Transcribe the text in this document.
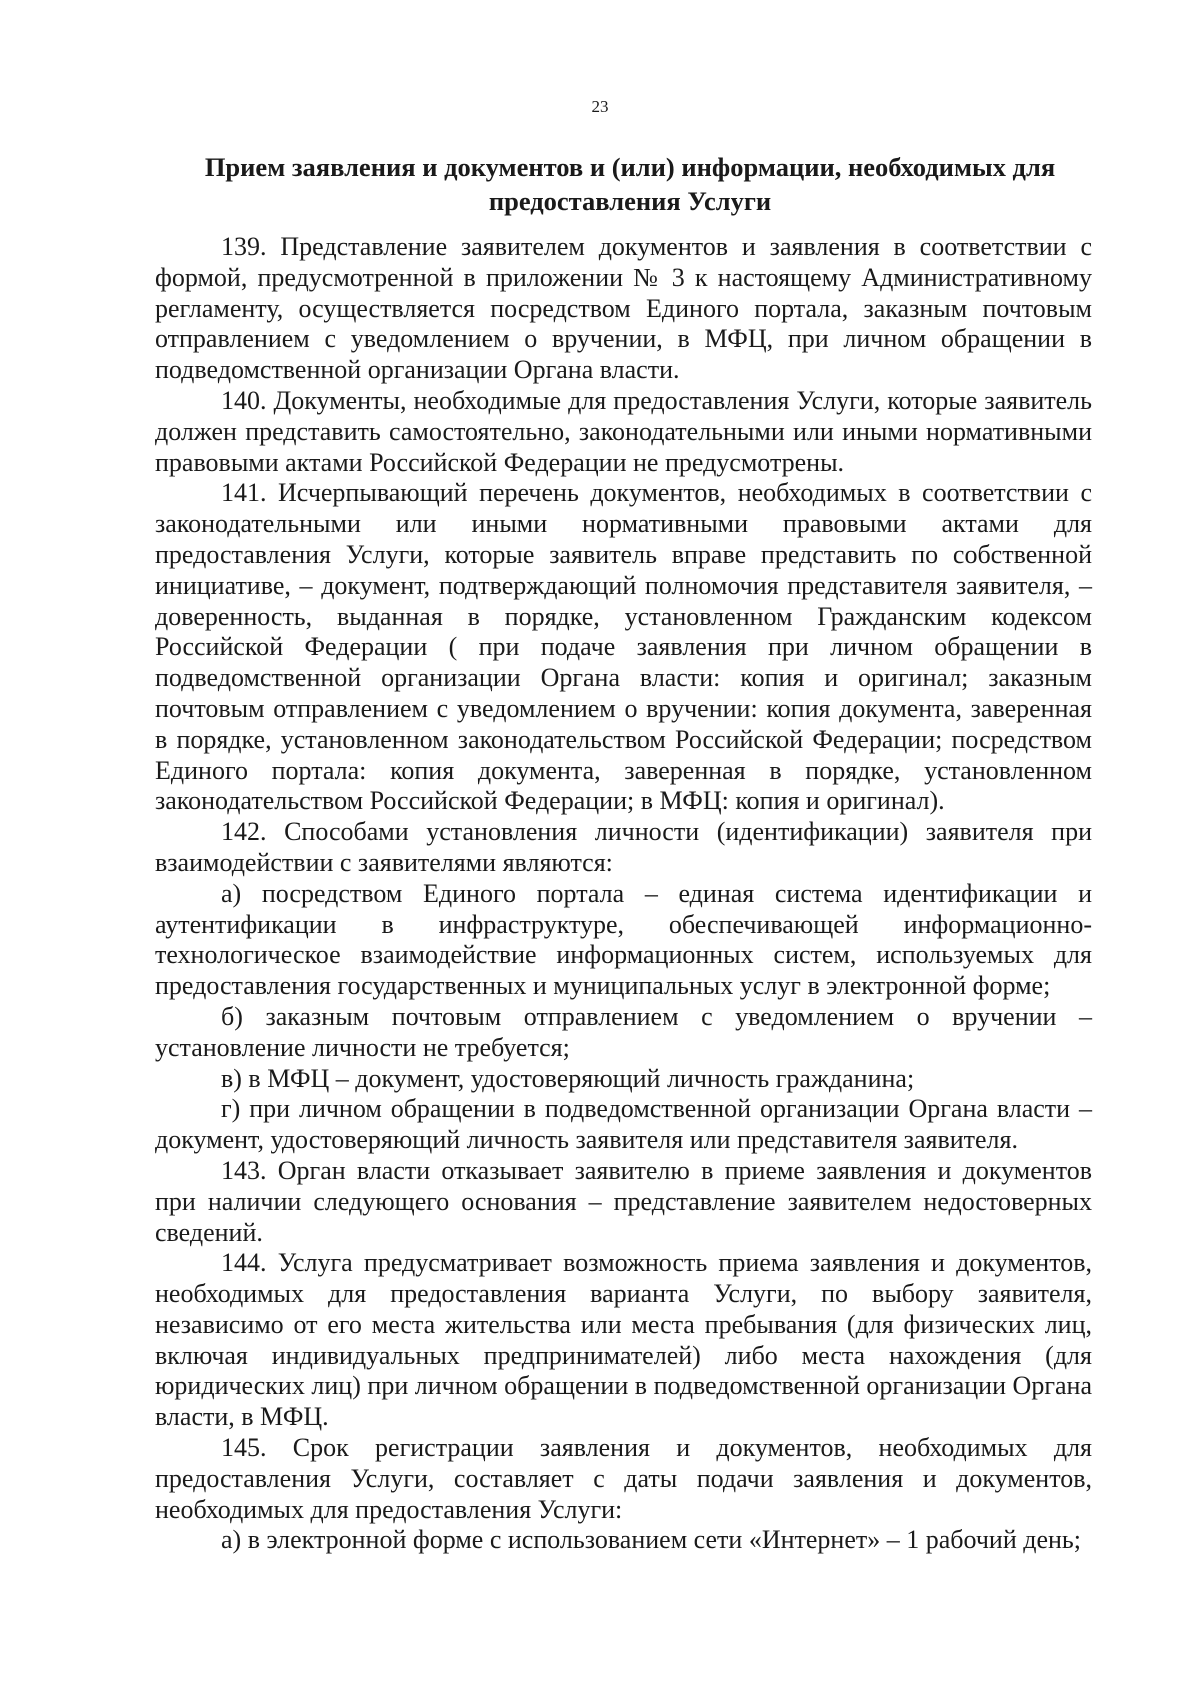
23
Прием заявления и документов и (или) информации, необходимых для предоставления Услуги

139. Представление заявителем документов и заявления в соответствии с формой, предусмотренной в приложении № 3 к настоящему Административному регламенту, осуществляется посредством Единого портала, заказным почтовым отправлением с уведомлением о вручении, в МФЦ, при личном обращении в подведомственной организации Органа власти.

140. Документы, необходимые для предоставления Услуги, которые заявитель должен представить самостоятельно, законодательными или иными нормативными правовыми актами Российской Федерации не предусмотрены.

141. Исчерпывающий перечень документов, необходимых в соответствии с законодательными или иными нормативными правовыми актами для предоставления Услуги, которые заявитель вправе представить по собственной инициативе, – документ, подтверждающий полномочия представителя заявителя, – доверенность, выданная в порядке, установленном Гражданским кодексом Российской Федерации ( при подаче заявления при личном обращении в подведомственной организации Органа власти: копия и оригинал; заказным почтовым отправлением с уведомлением о вручении: копия документа, заверенная в порядке, установленном законодательством Российской Федерации; посредством Единого портала: копия документа, заверенная в порядке, установленном законодательством Российской Федерации; в МФЦ: копия и оригинал).

142. Способами установления личности (идентификации) заявителя при взаимодействии с заявителями являются:

а) посредством Единого портала – единая система идентификации и аутентификации в инфраструктуре, обеспечивающей информационно-технологическое взаимодействие информационных систем, используемых для предоставления государственных и муниципальных услуг в электронной форме;

б) заказным почтовым отправлением с уведомлением о вручении – установление личности не требуется;

в) в МФЦ – документ, удостоверяющий личность гражданина;

г) при личном обращении в подведомственной организации Органа власти – документ, удостоверяющий личность заявителя или представителя заявителя.

143. Орган власти отказывает заявителю в приеме заявления и документов при наличии следующего основания – представление заявителем недостоверных сведений.

144. Услуга предусматривает возможность приема заявления и документов, необходимых для предоставления варианта Услуги, по выбору заявителя, независимо от его места жительства или места пребывания (для физических лиц, включая индивидуальных предпринимателей) либо места нахождения (для юридических лиц) при личном обращении в подведомственной организации Органа власти, в МФЦ.

145. Срок регистрации заявления и документов, необходимых для предоставления Услуги, составляет с даты подачи заявления и документов, необходимых для предоставления Услуги:

а) в электронной форме с использованием сети «Интернет» – 1 рабочий день;
